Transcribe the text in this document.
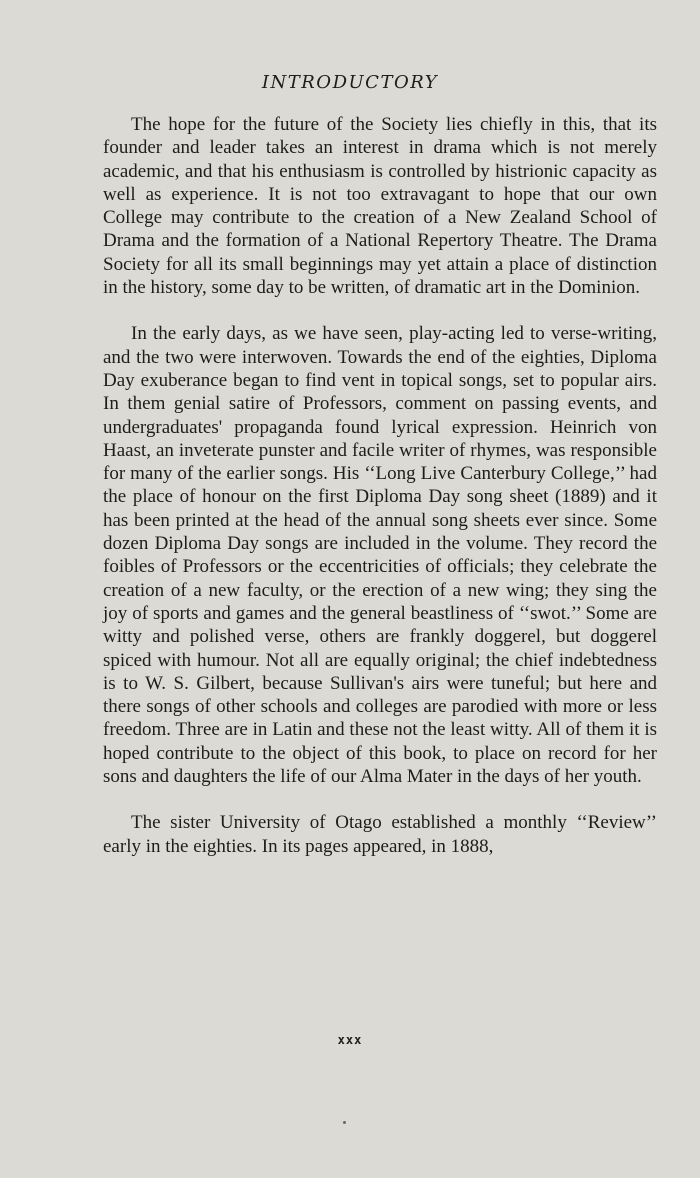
INTRODUCTORY

The hope for the future of the Society lies chiefly in this, that its founder and leader takes an interest in drama which is not merely academic, and that his enthusiasm is controlled by histrionic capacity as well as experience. It is not too extravagant to hope that our own College may contribute to the creation of a New Zealand School of Drama and the formation of a National Repertory Theatre. The Drama Society for all its small beginnings may yet attain a place of distinction in the history, some day to be written, of dramatic art in the Dominion.

In the early days, as we have seen, play-acting led to verse-writing, and the two were interwoven. Towards the end of the eighties, Diploma Day exuberance began to find vent in topical songs, set to popular airs. In them genial satire of Professors, comment on passing events, and undergraduates' propaganda found lyrical expression. Heinrich von Haast, an inveterate punster and facile writer of rhymes, was responsible for many of the earlier songs. His ‘‘Long Live Canterbury College,’’ had the place of honour on the first Diploma Day song sheet (1889) and it has been printed at the head of the annual song sheets ever since. Some dozen Diploma Day songs are included in the volume. They record the foibles of Professors or the eccentricities of officials; they celebrate the creation of a new faculty, or the erection of a new wing; they sing the joy of sports and games and the general beastliness of ‘‘swot.’’ Some are witty and polished verse, others are frankly doggerel, but doggerel spiced with humour. Not all are equally original; the chief indebtedness is to W. S. Gilbert, because Sullivan's airs were tuneful; but here and there songs of other schools and colleges are parodied with more or less freedom. Three are in Latin and these not the least witty. All of them it is hoped contribute to the object of this book, to place on record for her sons and daughters the life of our Alma Mater in the days of her youth.

The sister University of Otago established a monthly ‘‘Review’’ early in the eighties. In its pages appeared, in 1888,

xxx
